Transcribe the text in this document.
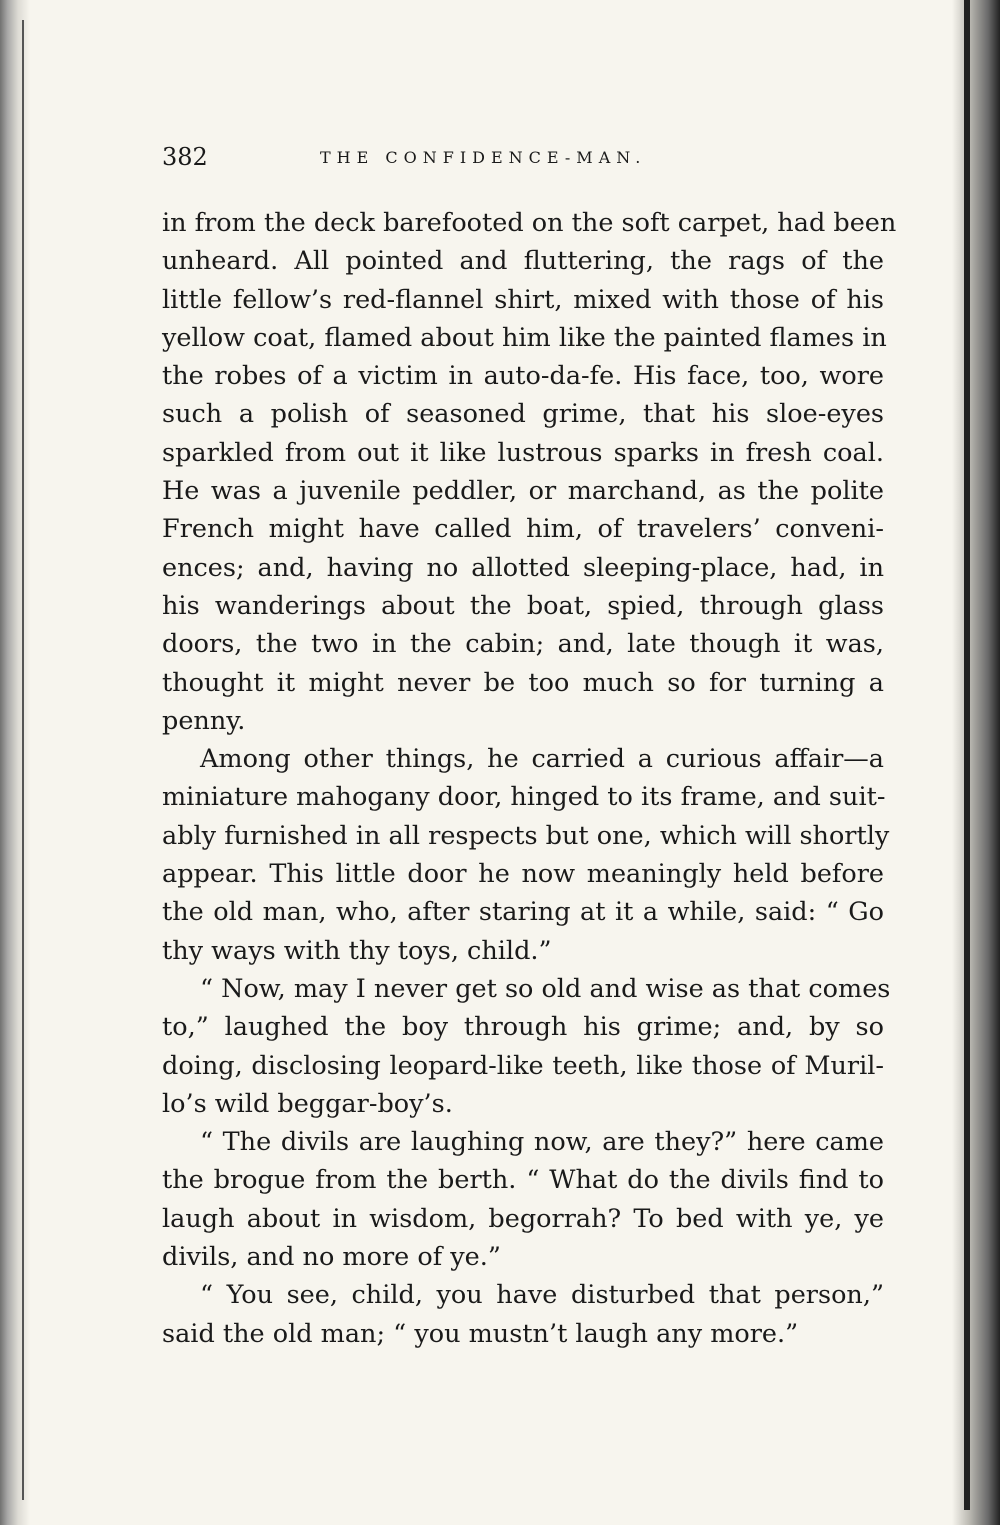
382	THE CONFIDENCE-MAN.
in from the deck barefooted on the soft carpet, had been
unheard. All pointed and fluttering, the rags of the
little fellow’s red-flannel shirt, mixed with those of his
yellow coat, flamed about him like the painted flames in
the robes of a victim in auto-da-fe. His face, too, wore
such a polish of seasoned grime, that his sloe-eyes
sparkled from out it like lustrous sparks in fresh coal.
He was a juvenile peddler, or marchand, as the polite
French might have called him, of travelers’ conveni-
ences; and, having no allotted sleeping-place, had, in
his wanderings about the boat, spied, through glass
doors, the two in the cabin; and, late though it was,
thought it might never be too much so for turning a
penny.
Among other things, he carried a curious affair—a
miniature mahogany door, hinged to its frame, and suit-
ably furnished in all respects but one, which will shortly
appear. This little door he now meaningly held before
the old man, who, after staring at it a while, said: “ Go
thy ways with thy toys, child.”
“ Now, may I never get so old and wise as that comes
to,” laughed the boy through his grime; and, by so
doing, disclosing leopard-like teeth, like those of Muril-
lo’s wild beggar-boy’s.
“ The divils are laughing now, are they?” here came
the brogue from the berth. “ What do the divils find to
laugh about in wisdom, begorrah? To bed with ye, ye
divils, and no more of ye.”
“ You see, child, you have disturbed that person,”
said the old man; “ you mustn’t laugh any more.”
